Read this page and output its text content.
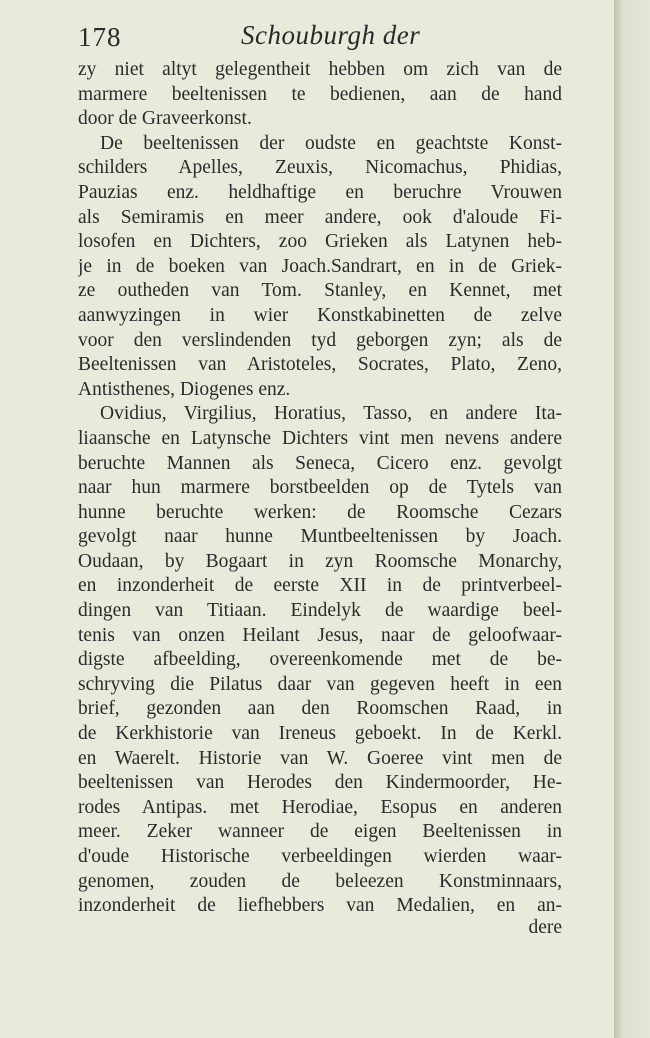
178	Schouburgh der
zy niet altyt gelegentheit hebben om zich van de
marmere beeltenissen te bedienen, aan de hand
door de Graveerkonst.
De beeltenissen der oudste en geachtste Konst-
schilders Apelles, Zeuxis, Nicomachus, Phidias,
Pauzias enz. heldhaftige en beruchre Vrouwen
als Semiramis en meer andere, ook d'aloude Fi-
losofen en Dichters, zoo Grieken als Latynen heb-
je in de boeken van Joach.Sandrart, en in de Griek-
ze outheden van Tom. Stanley, en Kennet, met
aanwyzingen in wier Konstkabinetten de zelve
voor den verslindenden tyd geborgen zyn; als de
Beeltenissen van Aristoteles, Socrates, Plato, Zeno,
Antisthenes, Diogenes enz.
Ovidius, Virgilius, Horatius, Tasso, en andere Ita-
liaansche en Latynsche Dichters vint men nevens andere
beruchte Mannen als Seneca, Cicero enz. gevolgt
naar hun marmere borstbeelden op de Tytels van
hunne beruchte werken: de Roomsche Cezars
gevolgt naar hunne Muntbeeltenissen by Joach.
Oudaan, by Bogaart in zyn Roomsche Monarchy,
en inzonderheit de eerste XII in de printverbeel-
dingen van Titiaan. Eindelyk de waardige beel-
tenis van onzen Heilant Jesus, naar de geloofwaar-
digste afbeelding, overeenkomende met de be-
schryving die Pilatus daar van gegeven heeft in een
brief, gezonden aan den Roomschen Raad, in
de Kerkhistorie van Ireneus geboekt. In de Kerkl.
en Waerelt. Historie van W. Goeree vint men de
beeltenissen van Herodes den Kindermoorder, He-
rodes Antipas. met Herodiae, Esopus en anderen
meer. Zeker wanneer de eigen Beeltenissen in
d'oude Historische verbeeldingen wierden waar-
genomen, zouden de beleezen Konstminnaars,
inzonderheit de liefhebbers van Medalien, en an-
dere
